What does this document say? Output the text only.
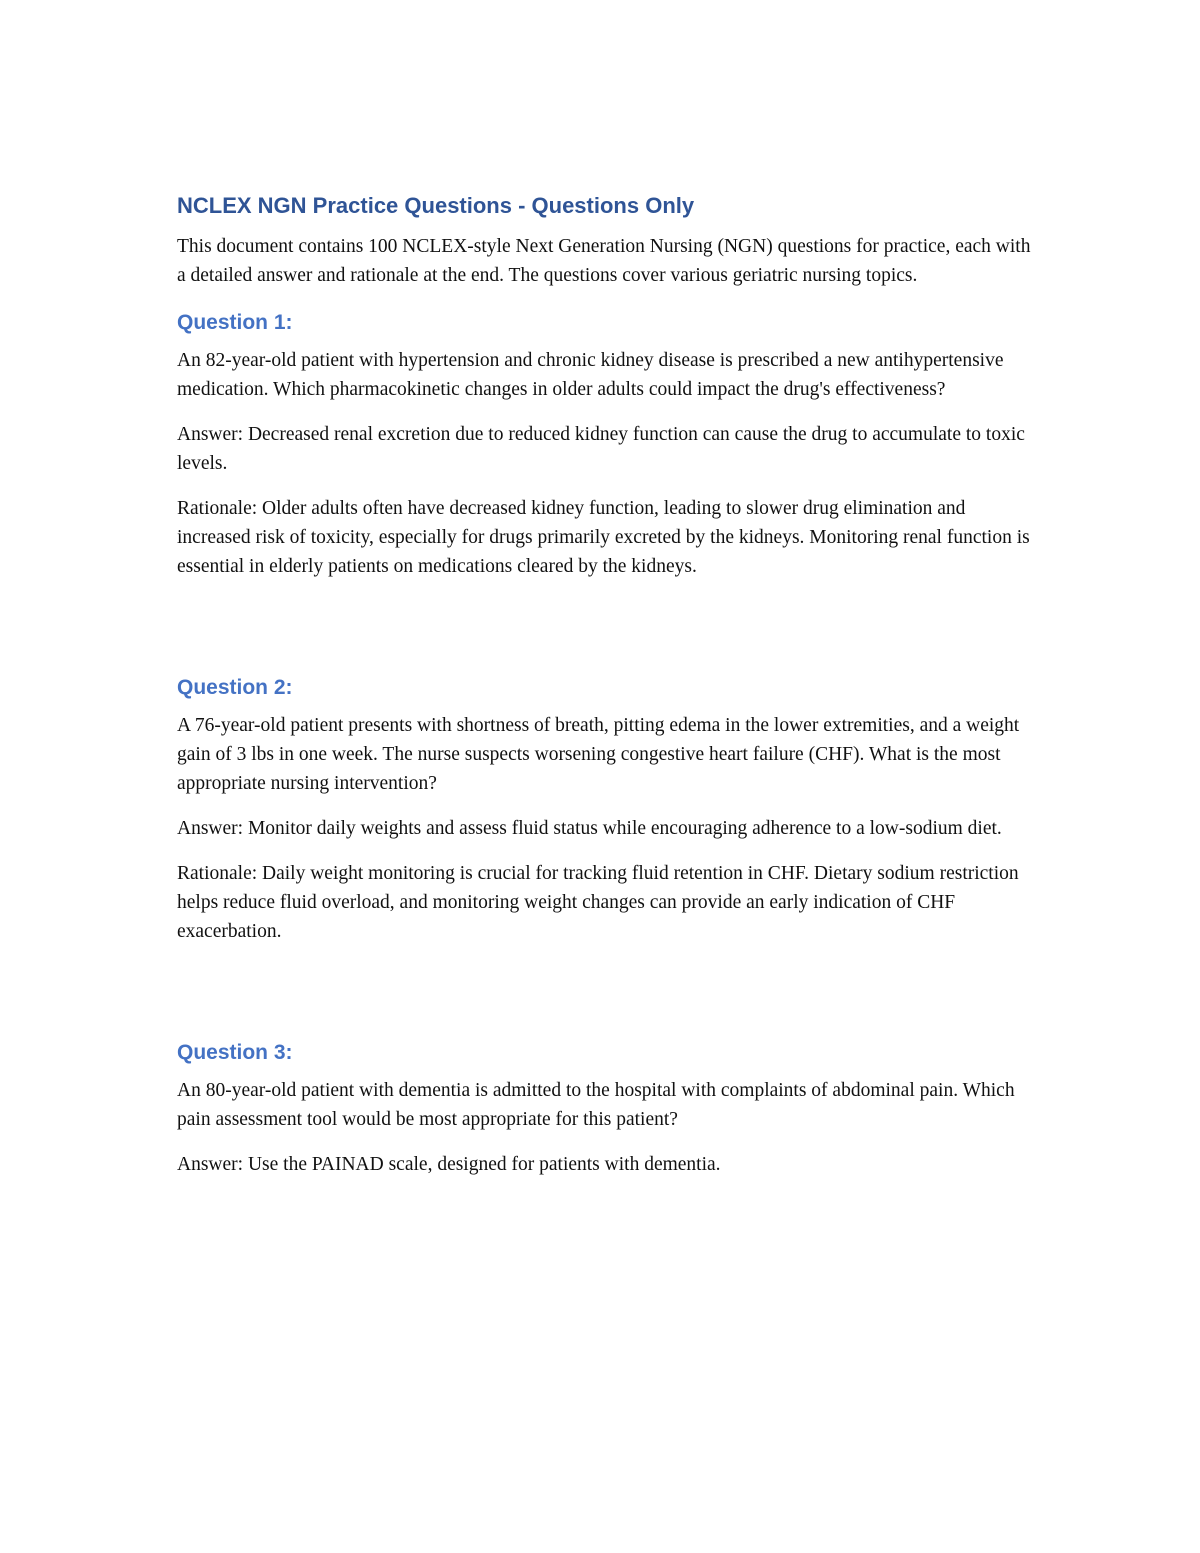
NCLEX NGN Practice Questions - Questions Only

This document contains 100 NCLEX-style Next Generation Nursing (NGN) questions for practice, each with a detailed answer and rationale at the end. The questions cover various geriatric nursing topics.

Question 1:

An 82-year-old patient with hypertension and chronic kidney disease is prescribed a new antihypertensive medication. Which pharmacokinetic changes in older adults could impact the drug's effectiveness?

Answer: Decreased renal excretion due to reduced kidney function can cause the drug to accumulate to toxic levels.

Rationale: Older adults often have decreased kidney function, leading to slower drug elimination and increased risk of toxicity, especially for drugs primarily excreted by the kidneys. Monitoring renal function is essential in elderly patients on medications cleared by the kidneys.

Question 2:

A 76-year-old patient presents with shortness of breath, pitting edema in the lower extremities, and a weight gain of 3 lbs in one week. The nurse suspects worsening congestive heart failure (CHF). What is the most appropriate nursing intervention?

Answer: Monitor daily weights and assess fluid status while encouraging adherence to a low-sodium diet.

Rationale: Daily weight monitoring is crucial for tracking fluid retention in CHF. Dietary sodium restriction helps reduce fluid overload, and monitoring weight changes can provide an early indication of CHF exacerbation.

Question 3:

An 80-year-old patient with dementia is admitted to the hospital with complaints of abdominal pain. Which pain assessment tool would be most appropriate for this patient?

Answer: Use the PAINAD scale, designed for patients with dementia.
